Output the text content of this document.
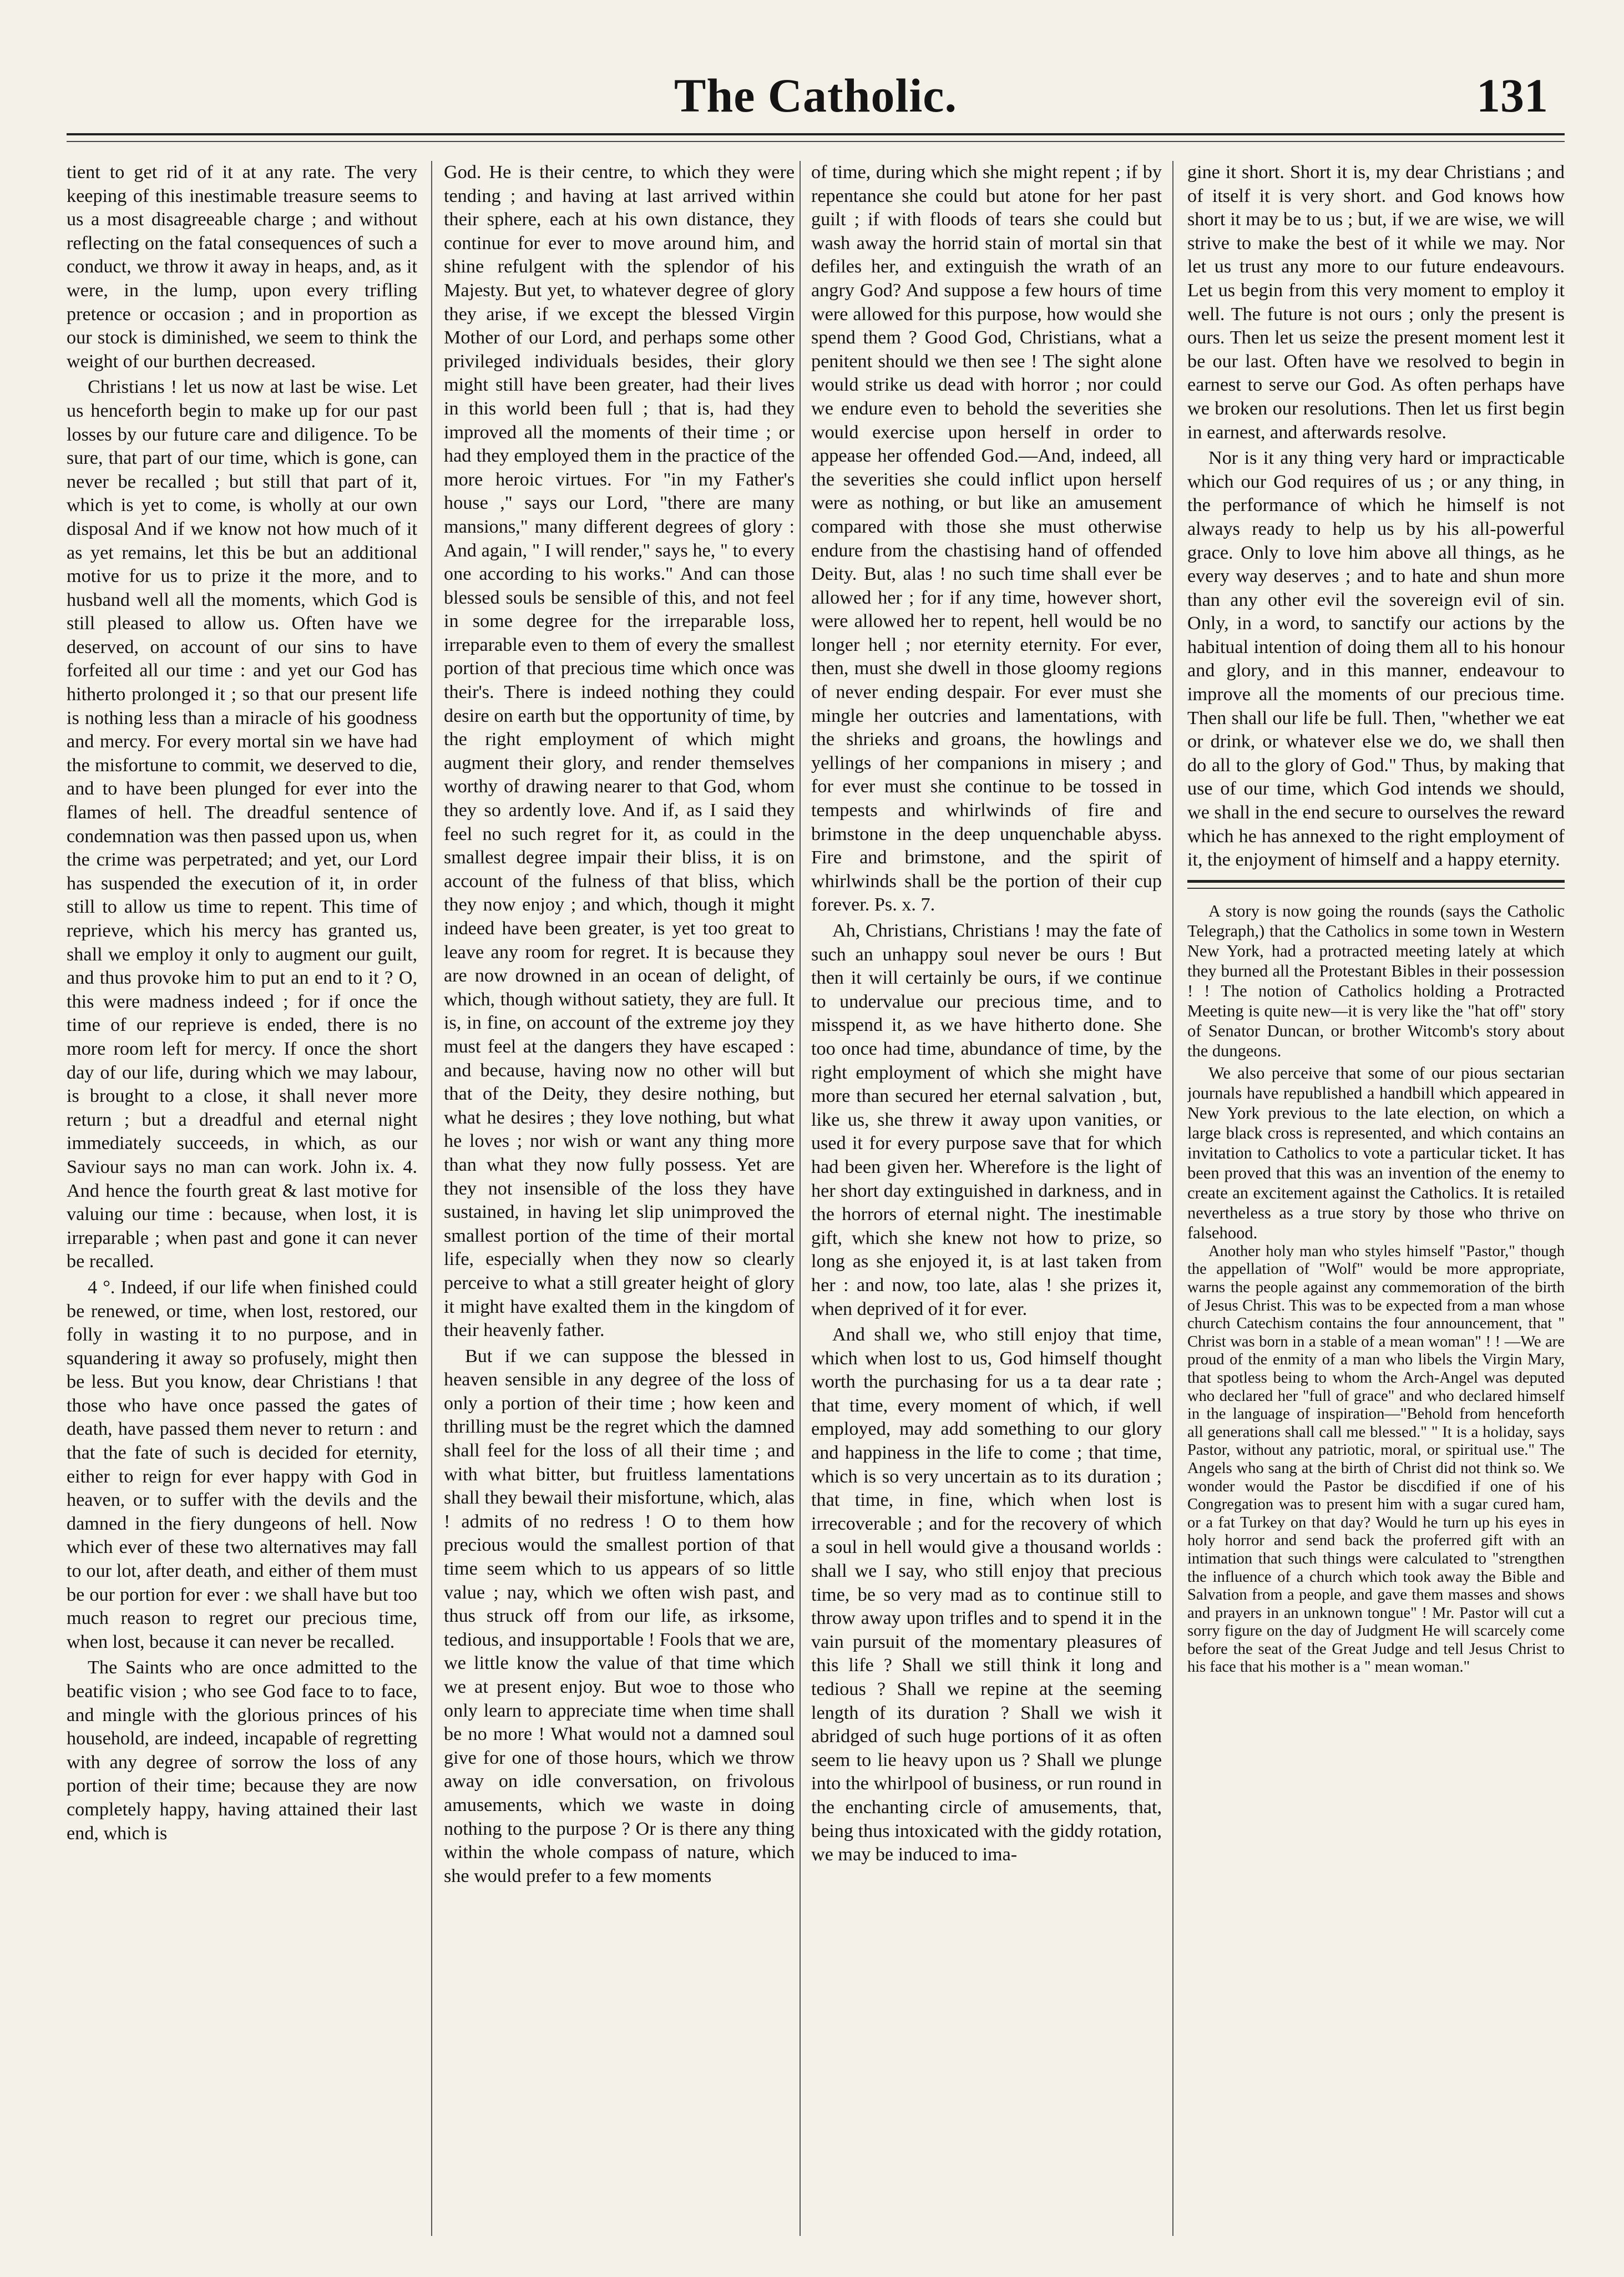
The Catholic.	131

tient to get rid of it at any rate. The very keeping of this inestimable treasure seems to us a most disagreeable charge ; and without reflecting on the fatal consequences of such a conduct, we throw it away in heaps, and, as it were, in the lump, upon every trifling pretence or occasion ; and in proportion as our stock is diminished, we seem to think the weight of our burthen decreased.

Christians ! let us now at last be wise. Let us henceforth begin to make up for our past losses by our future care and diligence. To be sure, that part of our time, which is gone, can never be recalled ; but still that part of it, which is yet to come, is wholly at our own disposal And if we know not how much of it as yet remains, let this be but an additional motive for us to prize it the more, and to husband well all the moments, which God is still pleased to allow us. Often have we deserved, on account of our sins to have forfeited all our time : and yet our God has hitherto prolonged it ; so that our present life is nothing less than a miracle of his goodness and mercy. For every mortal sin we have had the misfortune to commit, we deserved to die, and to have been plunged for ever into the flames of hell. The dreadful sentence of condemnation was then passed upon us, when the crime was perpetrated; and yet, our Lord has suspended the execution of it, in order still to allow us time to repent. This time of reprieve, which his mercy has granted us, shall we employ it only to augment our guilt, and thus provoke him to put an end to it ? O, this were madness indeed ; for if once the time of our reprieve is ended, there is no more room left for mercy. If once the short day of our life, during which we may labour, is brought to a close, it shall never more return ; but a dreadful and eternal night immediately succeeds, in which, as our Saviour says no man can work. John ix. 4. And hence the fourth great & last motive for valuing our time : because, when lost, it is irreparable ; when past and gone it can never be recalled.

4 °. Indeed, if our life when finished could be renewed, or time, when lost, restored, our folly in wasting it to no purpose, and in squandering it away so profusely, might then be less. But you know, dear Christians ! that those who have once passed the gates of death, have passed them never to return : and that the fate of such is decided for eternity, either to reign for ever happy with God in heaven, or to suffer with the devils and the damned in the fiery dungeons of hell. Now which ever of these two alternatives may fall to our lot, after death, and either of them must be our portion for ever : we shall have but too much reason to regret our precious time, when lost, because it can never be recalled.

The Saints who are once admitted to the beatific vision ; who see God face to to face, and mingle with the glorious princes of his household, are indeed, incapable of regretting with any degree of sorrow the loss of any portion of their time; because they are now completely happy, having attained their last end, which is

God. He is their centre, to which they were tending ; and having at last arrived within their sphere, each at his own distance, they continue for ever to move around him, and shine refulgent with the splendor of his Majesty. But yet, to whatever degree of glory they arise, if we except the blessed Virgin Mother of our Lord, and perhaps some other privileged individuals besides, their glory might still have been greater, had their lives in this world been full ; that is, had they improved all the moments of their time ; or had they employed them in the practice of the more heroic virtues. For "in my Father's house ," says our Lord, "there are many mansions," many different degrees of glory : And again, " I will render," says he, " to every one according to his works." And can those blessed souls be sensible of this, and not feel in some degree for the irreparable loss, irreparable even to them of every the smallest portion of that precious time which once was their's. There is indeed nothing they could desire on earth but the opportunity of time, by the right employment of which might augment their glory, and render themselves worthy of drawing nearer to that God, whom they so ardently love. And if, as I said they feel no such regret for it, as could in the smallest degree impair their bliss, it is on account of the fulness of that bliss, which they now enjoy ; and which, though it might indeed have been greater, is yet too great to leave any room for regret. It is because they are now drowned in an ocean of delight, of which, though without satiety, they are full. It is, in fine, on account of the extreme joy they must feel at the dangers they have escaped : and because, having now no other will but that of the Deity, they desire nothing, but what he desires ; they love nothing, but what he loves ; nor wish or want any thing more than what they now fully possess. Yet are they not insensible of the loss they have sustained, in having let slip unimproved the smallest portion of the time of their mortal life, especially when they now so clearly perceive to what a still greater height of glory it might have exalted them in the kingdom of their heavenly father.

But if we can suppose the blessed in heaven sensible in any degree of the loss of only a portion of their time ; how keen and thrilling must be the regret which the damned shall feel for the loss of all their time ; and with what bitter, but fruitless lamentations shall they bewail their misfortune, which, alas ! admits of no redress ! O to them how precious would the smallest portion of that time seem which to us appears of so little value ; nay, which we often wish past, and thus struck off from our life, as irksome, tedious, and insupportable ! Fools that we are, we little know the value of that time which we at present enjoy. But woe to those who only learn to appreciate time when time shall be no more ! What would not a damned soul give for one of those hours, which we throw away on idle conversation, on frivolous amusements, which we waste in doing nothing to the purpose ? Or is there any thing within the whole compass of nature, which she would prefer to a few moments

of time, during which she might repent ; if by repentance she could but atone for her past guilt ; if with floods of tears she could but wash away the horrid stain of mortal sin that defiles her, and extinguish the wrath of an angry God? And suppose a few hours of time were allowed for this purpose, how would she spend them ? Good God, Christians, what a penitent should we then see ! The sight alone would strike us dead with horror ; nor could we endure even to behold the severities she would exercise upon herself in order to appease her offended God.—And, indeed, all the severities she could inflict upon herself were as nothing, or but like an amusement compared with those she must otherwise endure from the chastising hand of offended Deity. But, alas ! no such time shall ever be allowed her ; for if any time, however short, were allowed her to repent, hell would be no longer hell ; nor eternity eternity. For ever, then, must she dwell in those gloomy regions of never ending despair. For ever must she mingle her outcries and lamentations, with the shrieks and groans, the howlings and yellings of her companions in misery ; and for ever must she continue to be tossed in tempests and whirlwinds of fire and brimstone in the deep unquenchable abyss. Fire and brimstone, and the spirit of whirlwinds shall be the portion of their cup forever. Ps. x. 7.

Ah, Christians, Christians ! may the fate of such an unhappy soul never be ours ! But then it will certainly be ours, if we continue to undervalue our precious time, and to misspend it, as we have hitherto done. She too once had time, abundance of time, by the right employment of which she might have more than secured her eternal salvation , but, like us, she threw it away upon vanities, or used it for every purpose save that for which had been given her. Wherefore is the light of her short day extinguished in darkness, and in the horrors of eternal night. The inestimable gift, which she knew not how to prize, so long as she enjoyed it, is at last taken from her : and now, too late, alas ! she prizes it, when deprived of it for ever.

And shall we, who still enjoy that time, which when lost to us, God himself thought worth the purchasing for us a ta dear rate ; that time, every moment of which, if well employed, may add something to our glory and happiness in the life to come ; that time, which is so very uncertain as to its duration ; that time, in fine, which when lost is irrecoverable ; and for the recovery of which a soul in hell would give a thousand worlds : shall we I say, who still enjoy that precious time, be so very mad as to continue still to throw away upon trifles and to spend it in the vain pursuit of the momentary pleasures of this life ? Shall we still think it long and tedious ? Shall we repine at the seeming length of its duration ? Shall we wish it abridged of such huge portions of it as often seem to lie heavy upon us ? Shall we plunge into the whirlpool of business, or run round in the enchanting circle of amusements, that, being thus intoxicated with the giddy rotation, we may be induced to ima-

gine it short. Short it is, my dear Christians ; and of itself it is very short. and God knows how short it may be to us ; but, if we are wise, we will strive to make the best of it while we may. Nor let us trust any more to our future endeavours. Let us begin from this very moment to employ it well. The future is not ours ; only the present is ours. Then let us seize the present moment lest it be our last. Often have we resolved to begin in earnest to serve our God. As often perhaps have we broken our resolutions. Then let us first begin in earnest, and afterwards resolve.

Nor is it any thing very hard or impracticable which our God requires of us ; or any thing, in the performance of which he himself is not always ready to help us by his all-powerful grace. Only to love him above all things, as he every way deserves ; and to hate and shun more than any other evil the sovereign evil of sin. Only, in a word, to sanctify our actions by the habitual intention of doing them all to his honour and glory, and in this manner, endeavour to improve all the moments of our precious time. Then shall our life be full. Then, "whether we eat or drink, or whatever else we do, we shall then do all to the glory of God." Thus, by making that use of our time, which God intends we should, we shall in the end secure to ourselves the reward which he has annexed to the right employment of it, the enjoyment of himself and a happy eternity.

A story is now going the rounds (says the Catholic Telegraph,) that the Catholics in some town in Western New York, had a protracted meeting lately at which they burned all the Protestant Bibles in their possession ! ! The notion of Catholics holding a Protracted Meeting is quite new—it is very like the "hat off" story of Senator Duncan, or brother Witcomb's story about the dungeons.

We also perceive that some of our pious sectarian journals have republished a handbill which appeared in New York previous to the late election, on which a large black cross is represented, and which contains an invitation to Catholics to vote a particular ticket. It has been proved that this was an invention of the enemy to create an excitement against the Catholics. It is retailed nevertheless as a true story by those who thrive on falsehood.

Another holy man who styles himself "Pastor," though the appellation of "Wolf" would be more appropriate, warns the people against any commemoration of the birth of Jesus Christ. This was to be expected from a man whose church Catechism contains the four announcement, that " Christ was born in a stable of a mean woman" ! ! —We are proud of the enmity of a man who libels the Virgin Mary, that spotless being to whom the Arch-Angel was deputed who declared her "full of grace" and who declared himself in the language of inspiration—"Behold from henceforth all generations shall call me blessed." " It is a holiday, says Pastor, without any patriotic, moral, or spiritual use." The Angels who sang at the birth of Christ did not think so. We wonder would the Pastor be discdified if one of his Congregation was to present him with a sugar cured ham, or a fat Turkey on that day? Would he turn up his eyes in holy horror and send back the proferred gift with an intimation that such things were calculated to "strengthen the influence of a church which took away the Bible and Salvation from a people, and gave them masses and shows and prayers in an unknown tongue" ! Mr. Pastor will cut a sorry figure on the day of Judgment He will scarcely come before the seat of the Great Judge and tell Jesus Christ to his face that his mother is a " mean woman."
